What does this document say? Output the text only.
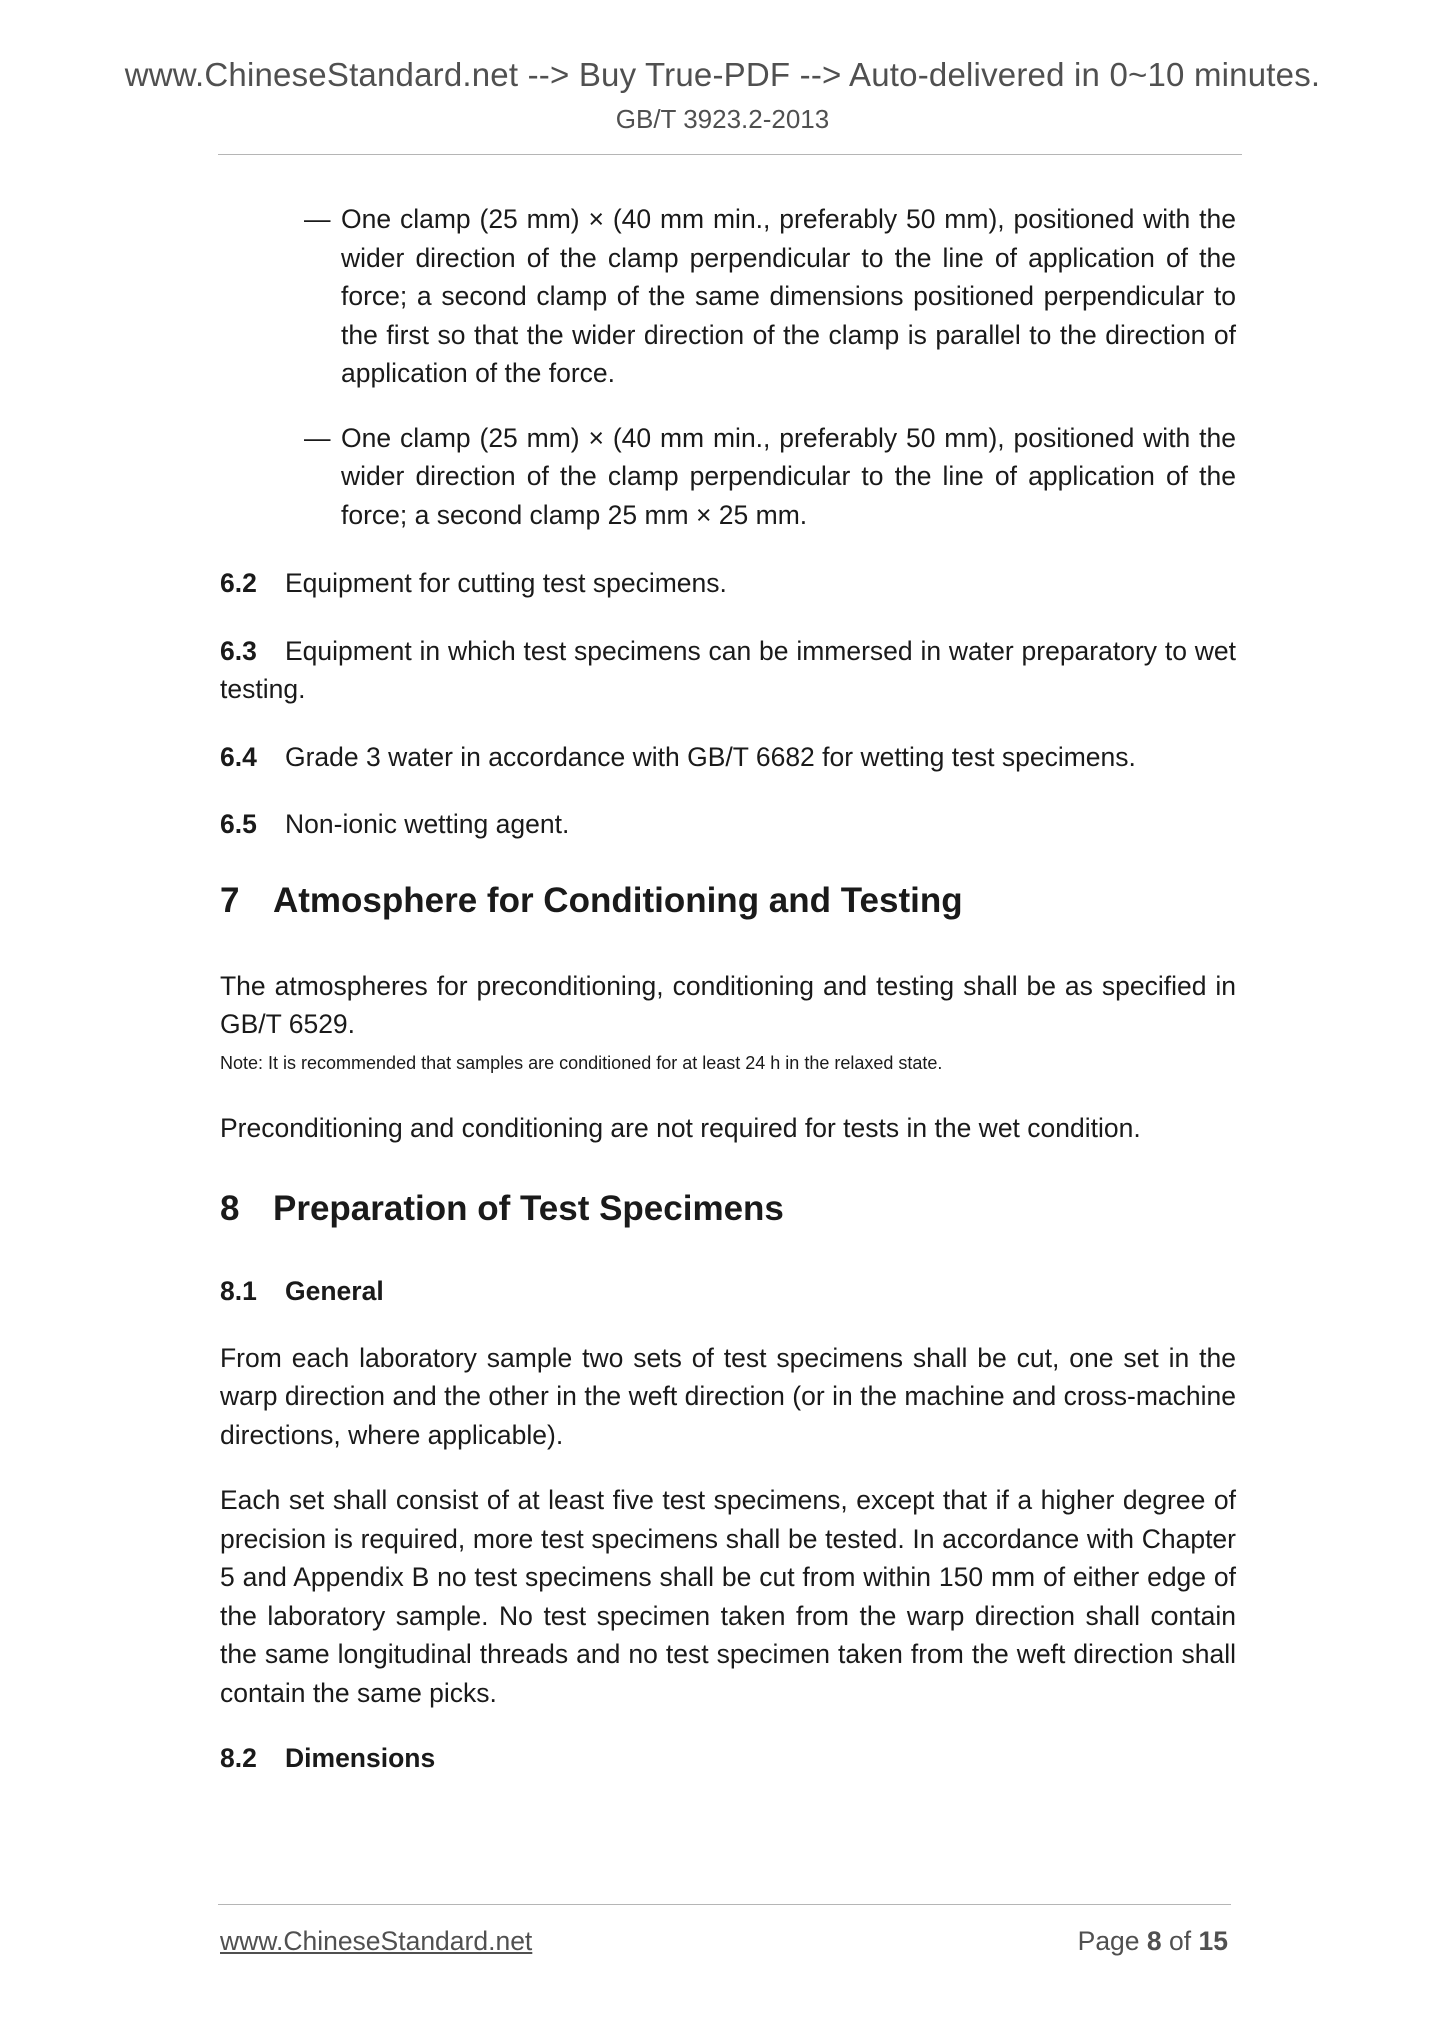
www.ChineseStandard.net --> Buy True-PDF --> Auto-delivered in 0~10 minutes.
GB/T 3923.2-2013
— One clamp (25 mm) × (40 mm min., preferably 50 mm), positioned with the wider direction of the clamp perpendicular to the line of application of the force; a second clamp of the same dimensions positioned perpendicular to the first so that the wider direction of the clamp is parallel to the direction of application of the force.

— One clamp (25 mm) × (40 mm min., preferably 50 mm), positioned with the wider direction of the clamp perpendicular to the line of application of the force; a second clamp 25 mm × 25 mm.

6.2 Equipment for cutting test specimens.

6.3 Equipment in which test specimens can be immersed in water preparatory to wet testing.

6.4 Grade 3 water in accordance with GB/T 6682 for wetting test specimens.

6.5 Non-ionic wetting agent.

7 Atmosphere for Conditioning and Testing

The atmospheres for preconditioning, conditioning and testing shall be as specified in GB/T 6529.

Note: It is recommended that samples are conditioned for at least 24 h in the relaxed state.

Preconditioning and conditioning are not required for tests in the wet condition.

8 Preparation of Test Specimens
8.1 General

From each laboratory sample two sets of test specimens shall be cut, one set in the warp direction and the other in the weft direction (or in the machine and cross-machine directions, where applicable).

Each set shall consist of at least five test specimens, except that if a higher degree of precision is required, more test specimens shall be tested. In accordance with Chapter 5 and Appendix B no test specimens shall be cut from within 150 mm of either edge of the laboratory sample. No test specimen taken from the warp direction shall contain the same longitudinal threads and no test specimen taken from the weft direction shall contain the same picks.

8.2 Dimensions
www.ChineseStandard.net	Page 8 of 15
